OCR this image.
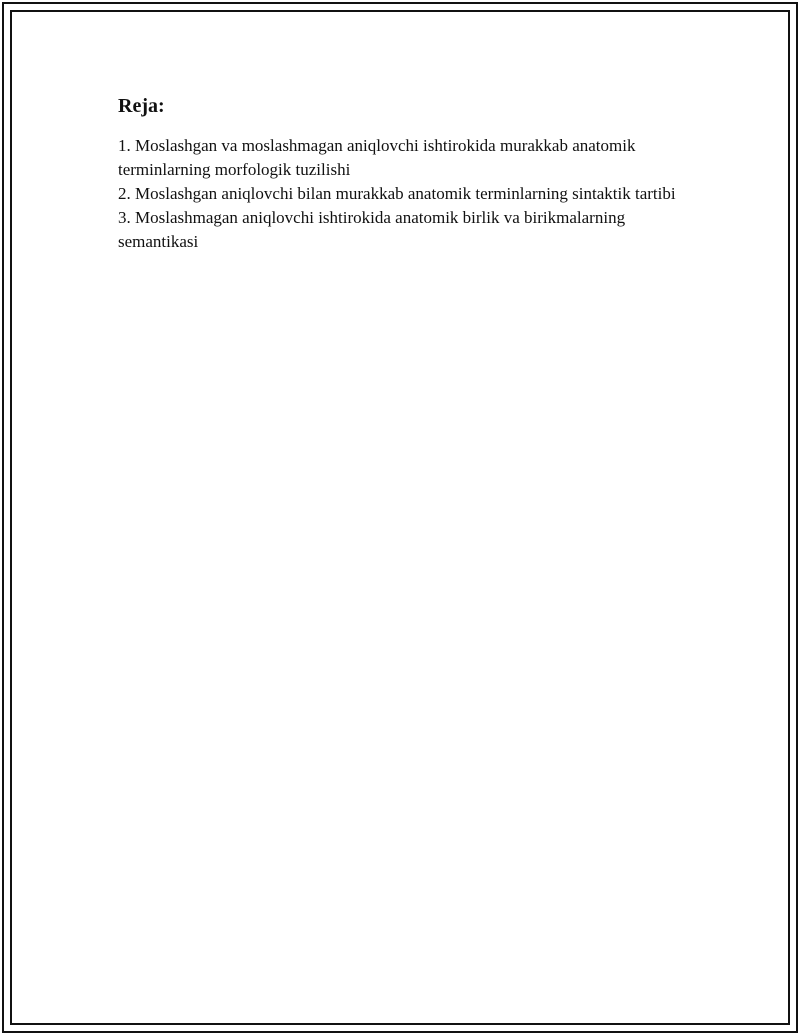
Reja:
1. Moslashgan va moslashmagan aniqlovchi ishtirokida murakkab anatomik terminlarning morfologik tuzilishi
2. Moslashgan aniqlovchi bilan murakkab anatomik terminlarning sintaktik tartibi
3. Moslashmagan aniqlovchi ishtirokida anatomik birlik va birikmalarning semantikasi
